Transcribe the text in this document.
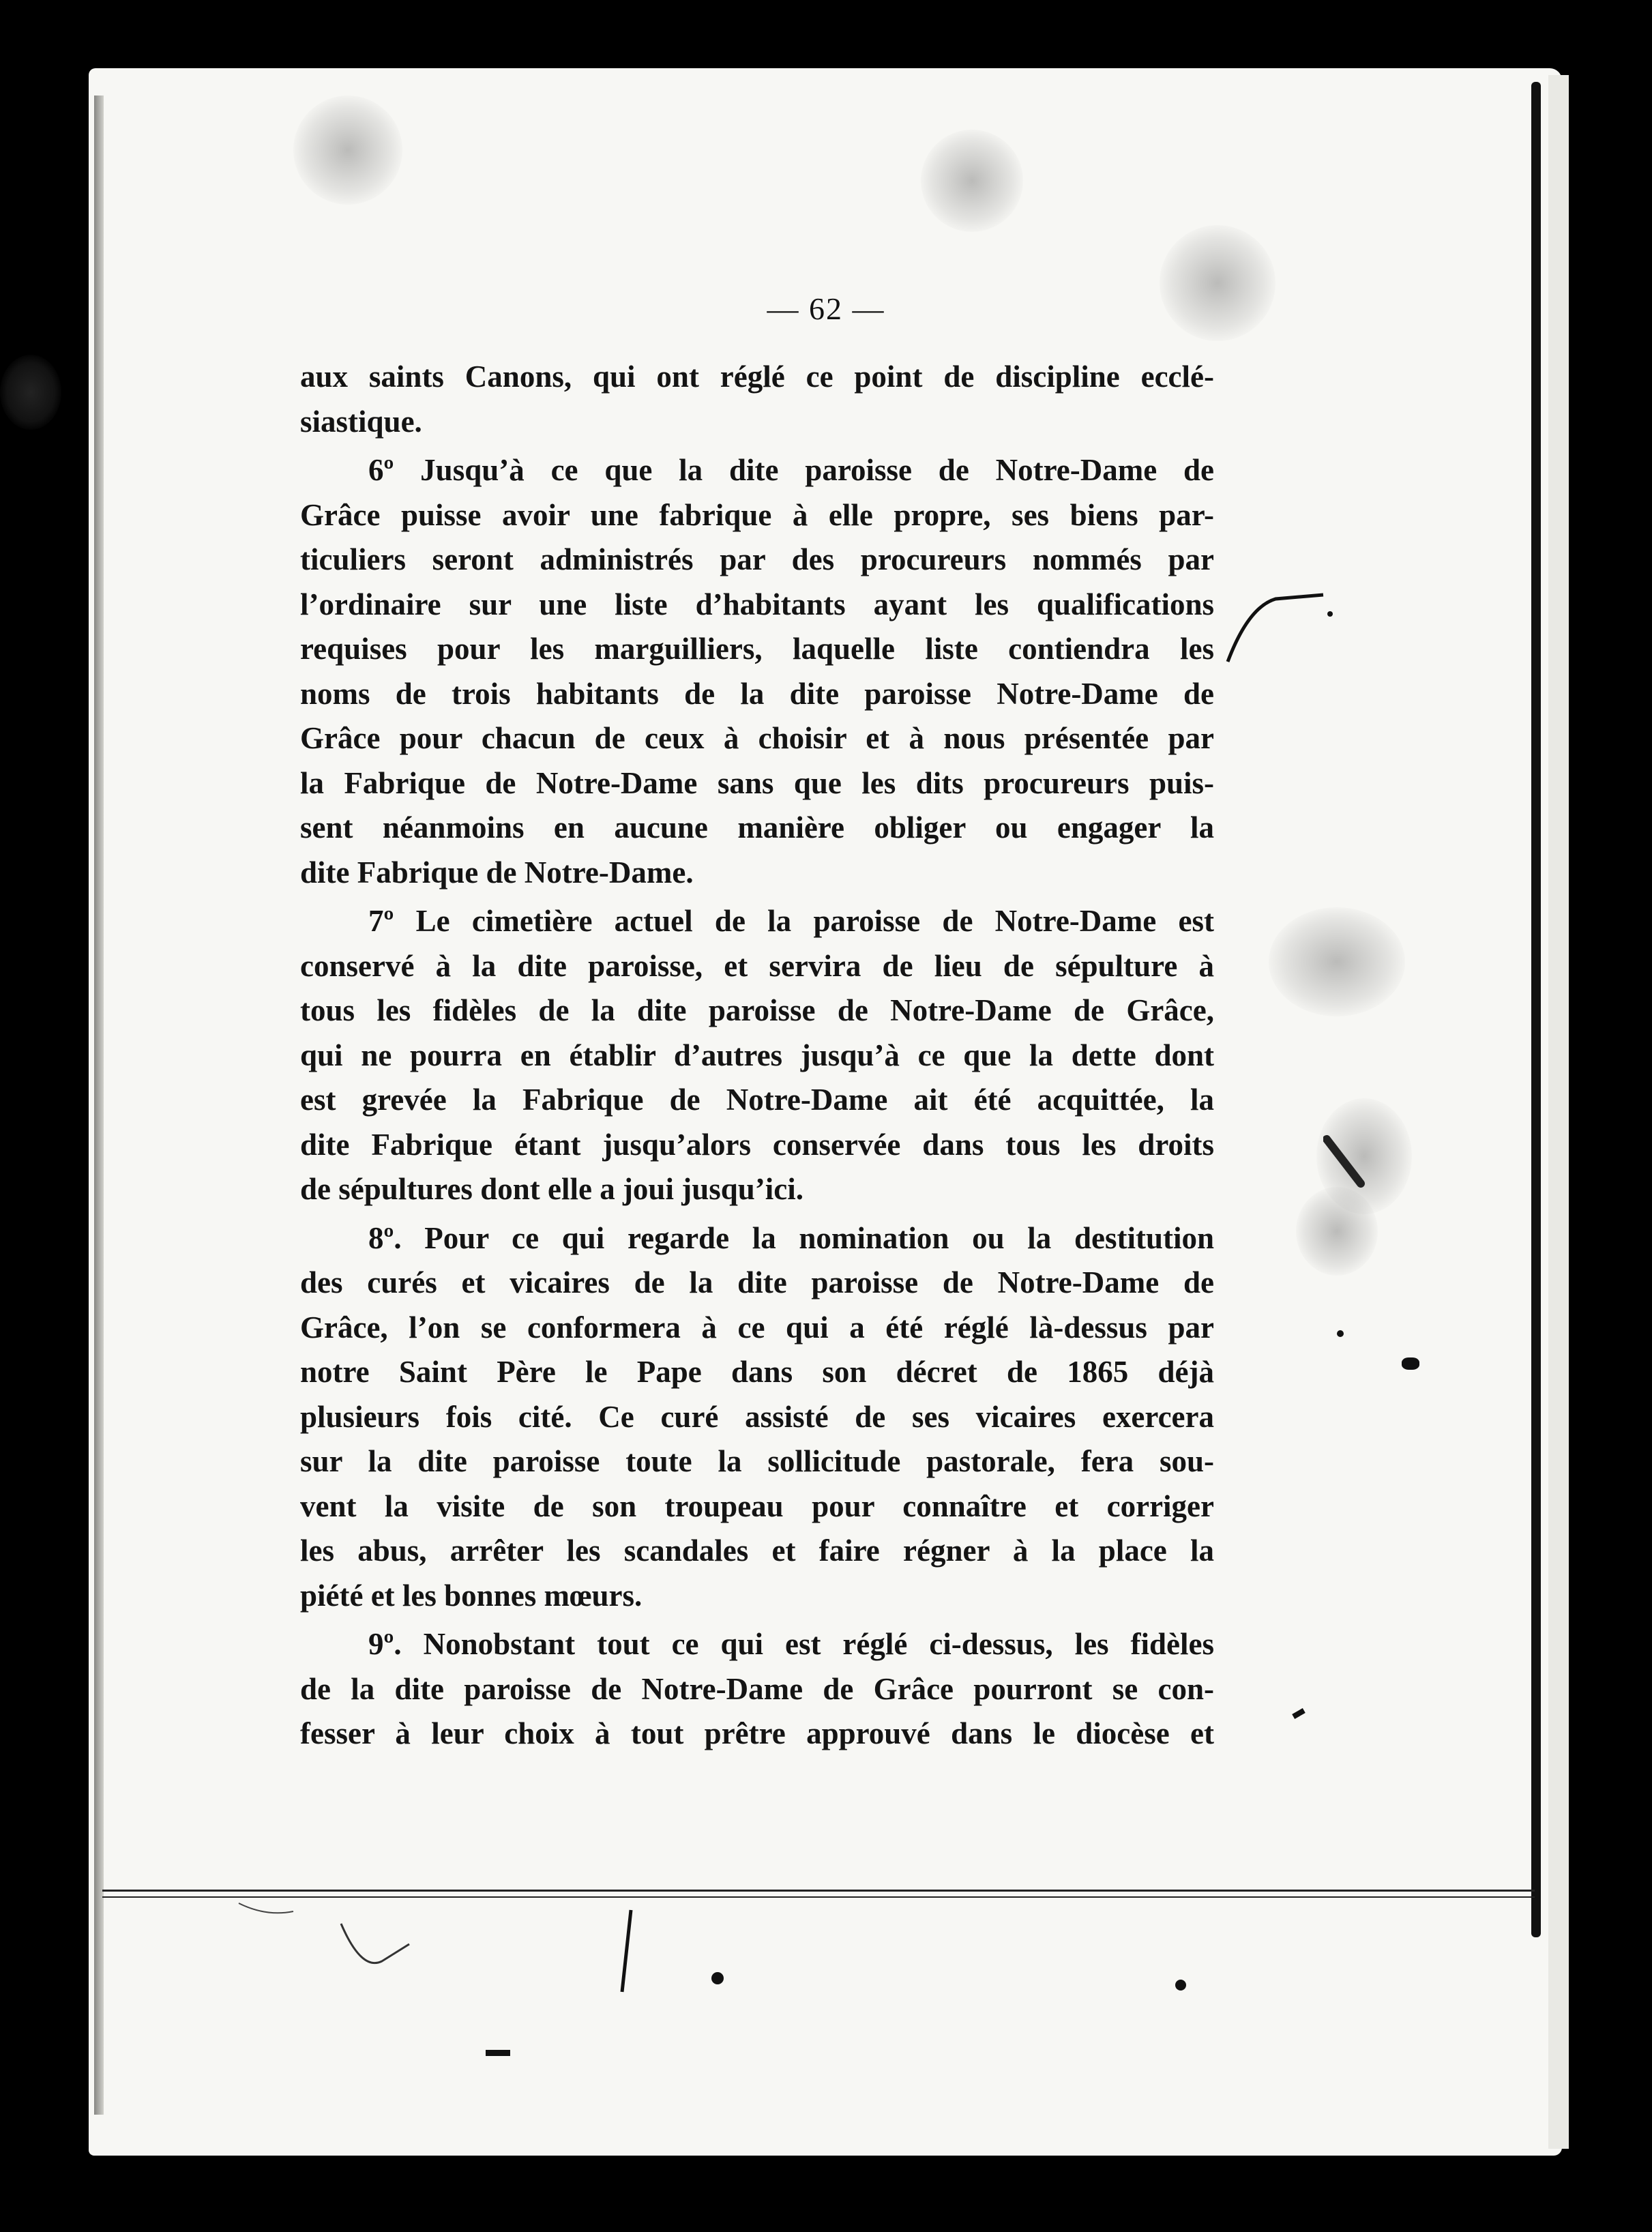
— 62 —
aux saints Canons, qui ont réglé ce point de discipline ecclé-
siastique.
6º Jusqu’à ce que la dite paroisse de Notre-Dame de
Grâce puisse avoir une fabrique à elle propre, ses biens par-
ticuliers seront administrés par des procureurs nommés par
l’ordinaire sur une liste d’habitants ayant les qualifications
requises pour les marguilliers, laquelle liste contiendra les
noms de trois habitants de la dite paroisse Notre-Dame de
Grâce pour chacun de ceux à choisir et à nous présentée par
la Fabrique de Notre-Dame sans que les dits procureurs puis-
sent néanmoins en aucune manière obliger ou engager la
dite Fabrique de Notre-Dame.
7º Le cimetière actuel de la paroisse de Notre-Dame est
conservé à la dite paroisse, et servira de lieu de sépulture à
tous les fidèles de la dite paroisse de Notre-Dame de Grâce,
qui ne pourra en établir d’autres jusqu’à ce que la dette dont
est grevée la Fabrique de Notre-Dame ait été acquittée, la
dite Fabrique étant jusqu’alors conservée dans tous les droits
de sépultures dont elle a joui jusqu’ici.
8º. Pour ce qui regarde la nomination ou la destitution
des curés et vicaires de la dite paroisse de Notre-Dame de
Grâce, l’on se conformera à ce qui a été réglé là-dessus par
notre Saint Père le Pape dans son décret de 1865 déjà
plusieurs fois cité. Ce curé assisté de ses vicaires exercera
sur la dite paroisse toute la sollicitude pastorale, fera sou-
vent la visite de son troupeau pour connaître et corriger
les abus, arrêter les scandales et faire régner à la place la
piété et les bonnes mœurs.
9º. Nonobstant tout ce qui est réglé ci-dessus, les fidèles
de la dite paroisse de Notre-Dame de Grâce pourront se con-
fesser à leur choix à tout prêtre approuvé dans le diocèse et
